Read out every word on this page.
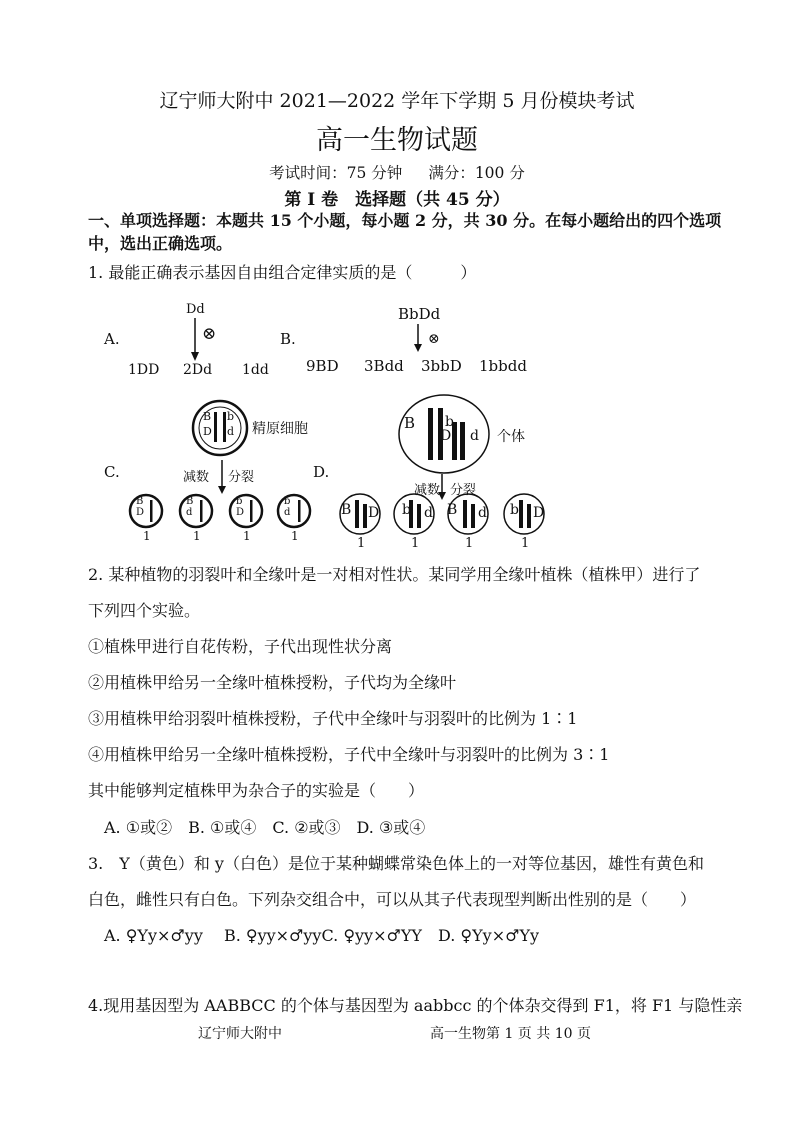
辽宁师大附中 2021—2022 学年下学期 5 月份模块考试
高一生物试题
考试时间：75 分钟 满分：100 分
第 Ⅰ 卷　选择题（共 45 分）
一、单项选择题：本题共 15 个小题，每小题 2 分，共 30 分。在每小题给出的四个选项
中，选出正确选项。
1. 最能正确表示基因自由组合定律实质的是（　　　）
A.
Dd
⊗
1DD 2Dd 1dd
B.
BbDd
⊗
9BD 3Bdd 3bbD 1bbdd
C.
B b
D d 精原细胞
减数 分裂
B
D
B
d
b
D
b
d
1	1	1	1
D.
B b
D d 个体
减数 分裂
B D b d B d b D
1	1	1	1
2. 某种植物的羽裂叶和全缘叶是一对相对性状。某同学用全缘叶植株（植株甲）进行了
下列四个实验。
①植株甲进行自花传粉，子代出现性状分离
②用植株甲给另一全缘叶植株授粉，子代均为全缘叶
③用植株甲给羽裂叶植株授粉，子代中全缘叶与羽裂叶的比例为 1∶1
④用植株甲给另一全缘叶植株授粉，子代中全缘叶与羽裂叶的比例为 3∶1
其中能够判定植株甲为杂合子的实验是（　　）
A. ①或②　B. ①或④　C. ②或③　D. ③或④
3.　Y（黄色）和 y（白色）是位于某种蝴蝶常染色体上的一对等位基因，雄性有黄色和
白色，雌性只有白色。下列杂交组合中，可以从其子代表现型判断出性别的是（　　）
A. ♀Yy×♂yy　 B. ♀yy×♂yyC. ♀yy×♂YY　D. ♀Yy×♂Yy
4.现用基因型为 AABBCC 的个体与基因型为 aabbcc 的个体杂交得到 F1，将 F1 与隐性亲
辽宁师大附中	高一生物第 1 页 共 10 页
